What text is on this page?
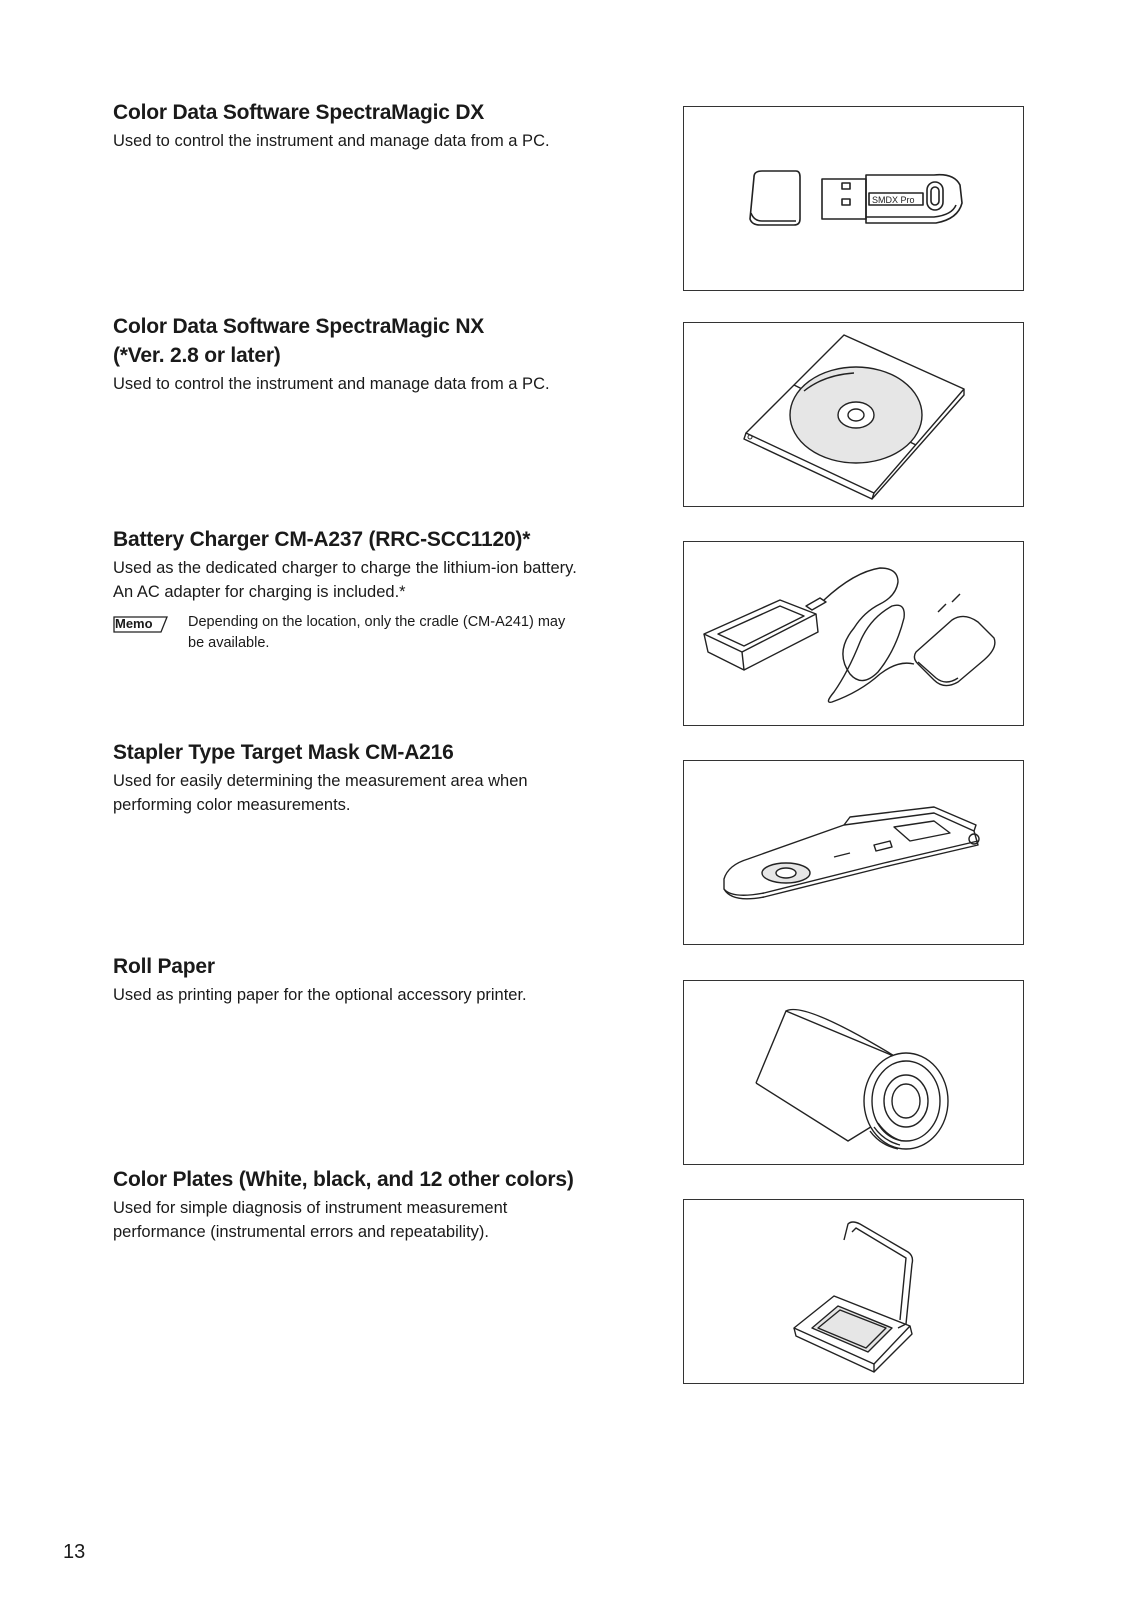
Color Data Software SpectraMagic DX

Used to control the instrument and manage data from a PC.

SMDX Pro
Color Data Software SpectraMagic NX
(*Ver. 2.8 or later)

Used to control the instrument and manage data from a PC.

Battery Charger CM-A237 (RRC-SCC1120)*

Used as the dedicated charger to charge the lithium-ion battery.
An AC adapter for charging is included.*

Memo	Depending on the location, only the cradle (CM-A241) may
be available.
Stapler Type Target Mask CM-A216

Used for easily determining the measurement area when
performing color measurements.

Roll Paper

Used as printing paper for the optional accessory printer.

Color Plates (White, black, and 12 other colors)

Used for simple diagnosis of instrument measurement
performance (instrumental errors and repeatability).

13
